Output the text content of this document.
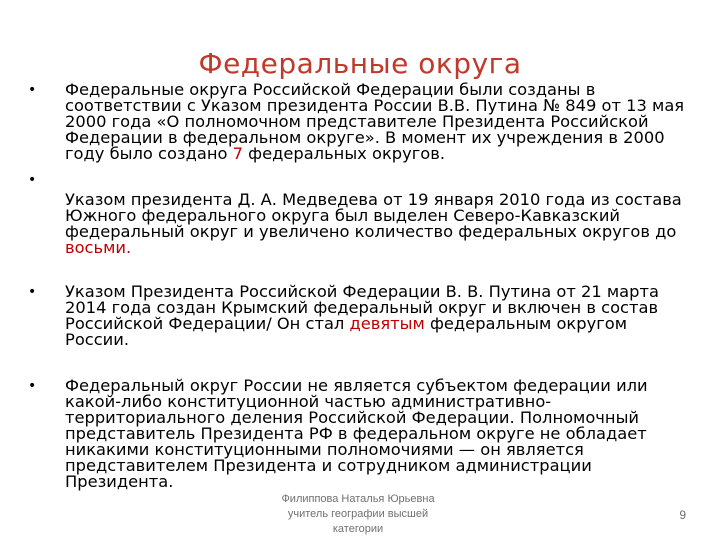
Федеральные округа
• Федеральные округа Российской Федерации были созданы в соответствии с Указом президента России В.В. Путина № 849 от 13 мая 2000 года «О полномочном представителе Президента Российской Федерации в федеральном округе». В момент их учреждения в 2000 году было создано 7 федеральных округов.
•
Указом президента Д. А. Медведева от 19 января 2010 года из состава Южного федерального округа был выделен Северо-Кавказский федеральный округ и увеличено количество федеральных округов до восьми.
• Указом Президента Российской Федерации В. В. Путина от 21 марта 2014 года создан Крымский федеральный округ и включен в состав Российской Федерации/ Он стал девятым федеральным округом России.
• Федеральный округ России не является субъектом федерации или какой-либо конституционной частью административно-территориального деления Российской Федерации. Полномочный представитель Президента РФ в федеральном округе не обладает никакими конституционными полномочиями — он является представителем Президента и сотрудником администрации Президента.
Филиппова Наталья Юрьевна
учитель географии высшей
категории
9
